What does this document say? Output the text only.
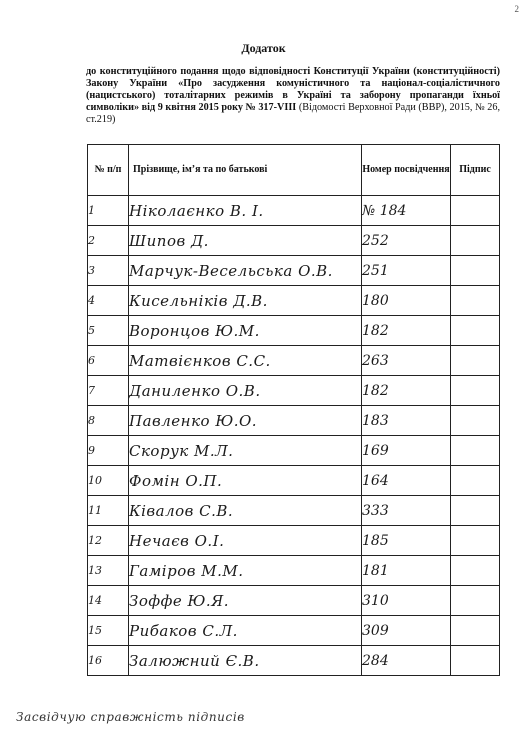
2
Додаток
до конституційного подання щодо відповідності Конституції України (конституційності) Закону України «Про засудження комуністичного та націонал-соціалістичного (нацистського) тоталітарних режимів в Україні та заборону пропаганди їхньої символіки» від 9 квітня 2015 року № 317-VIII (Відомості Верховної Ради (ВВР), 2015, № 26, ст.219)
№ п/п	Прізвище, ім’я та по батькові	Номер посвідчення	Підпис
1	Ніколаєнко В. І.	№ 184	
2	Шипов Д.	252	
3	Марчук-Весельська О.В.	251	
4	Кисельніків Д.В.	180	
5	Воронцов Ю.М.	182	
6	Матвієнков С.С.	263	
7	Даниленко О.В.	182	
8	Павленко Ю.О.	183	
9	Скорук М.Л.	169	
10	Фомін О.П.	164	
11	Ківалов С.В.	333	
12	Нечаєв О.І.	185	
13	Гаміров М.М.	181	
14	Зоффе Ю.Я.	310	
15	Рибаков С.Л.	309	
16	Залюжний Є.В.	284	
Засвідчую справжність підписів
